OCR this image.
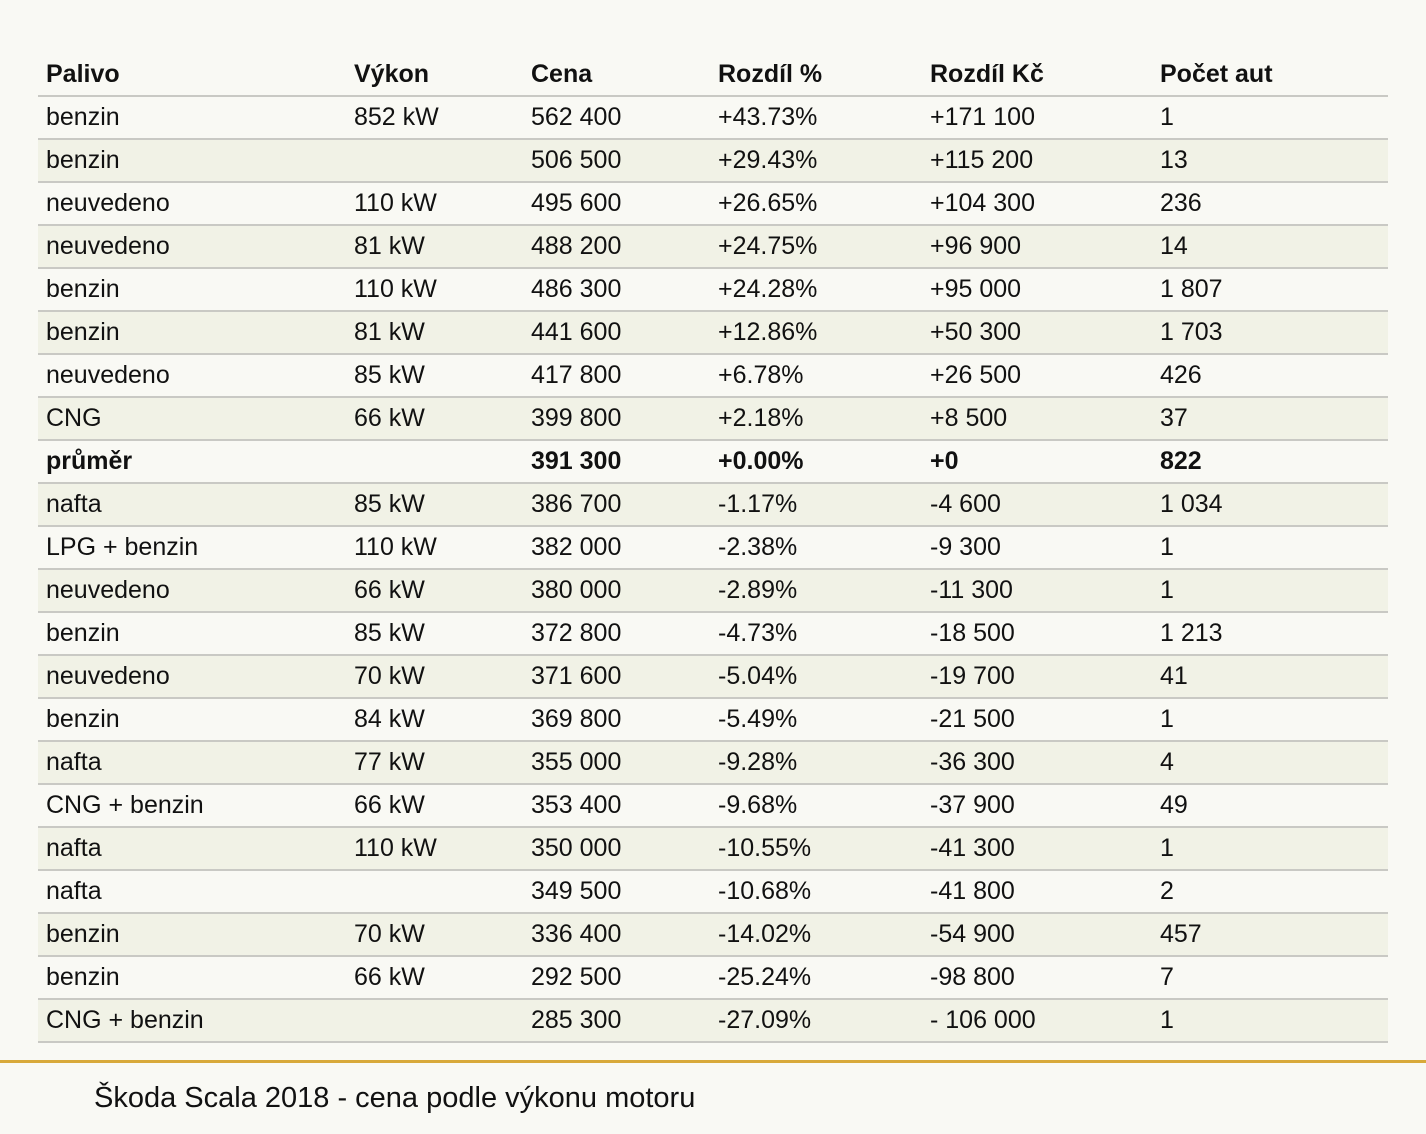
Palivo	Výkon	Cena	Rozdíl %	Rozdíl Kč	Počet aut
benzin	852 kW	562 400	+43.73%	+171 100	1
benzin		506 500	+29.43%	+115 200	13
neuvedeno	110 kW	495 600	+26.65%	+104 300	236
neuvedeno	81 kW	488 200	+24.75%	+96 900	14
benzin	110 kW	486 300	+24.28%	+95 000	1 807
benzin	81 kW	441 600	+12.86%	+50 300	1 703
neuvedeno	85 kW	417 800	+6.78%	+26 500	426
CNG	66 kW	399 800	+2.18%	+8 500	37
průměr		391 300	+0.00%	+0	822
nafta	85 kW	386 700	-1.17%	-4 600	1 034
LPG + benzin	110 kW	382 000	-2.38%	-9 300	1
neuvedeno	66 kW	380 000	-2.89%	-11 300	1
benzin	85 kW	372 800	-4.73%	-18 500	1 213
neuvedeno	70 kW	371 600	-5.04%	-19 700	41
benzin	84 kW	369 800	-5.49%	-21 500	1
nafta	77 kW	355 000	-9.28%	-36 300	4
CNG + benzin	66 kW	353 400	-9.68%	-37 900	49
nafta	110 kW	350 000	-10.55%	-41 300	1
nafta		349 500	-10.68%	-41 800	2
benzin	70 kW	336 400	-14.02%	-54 900	457
benzin	66 kW	292 500	-25.24%	-98 800	7
CNG + benzin		285 300	-27.09%	- 106 000	1
Škoda Scala 2018 - cena podle výkonu motoru
